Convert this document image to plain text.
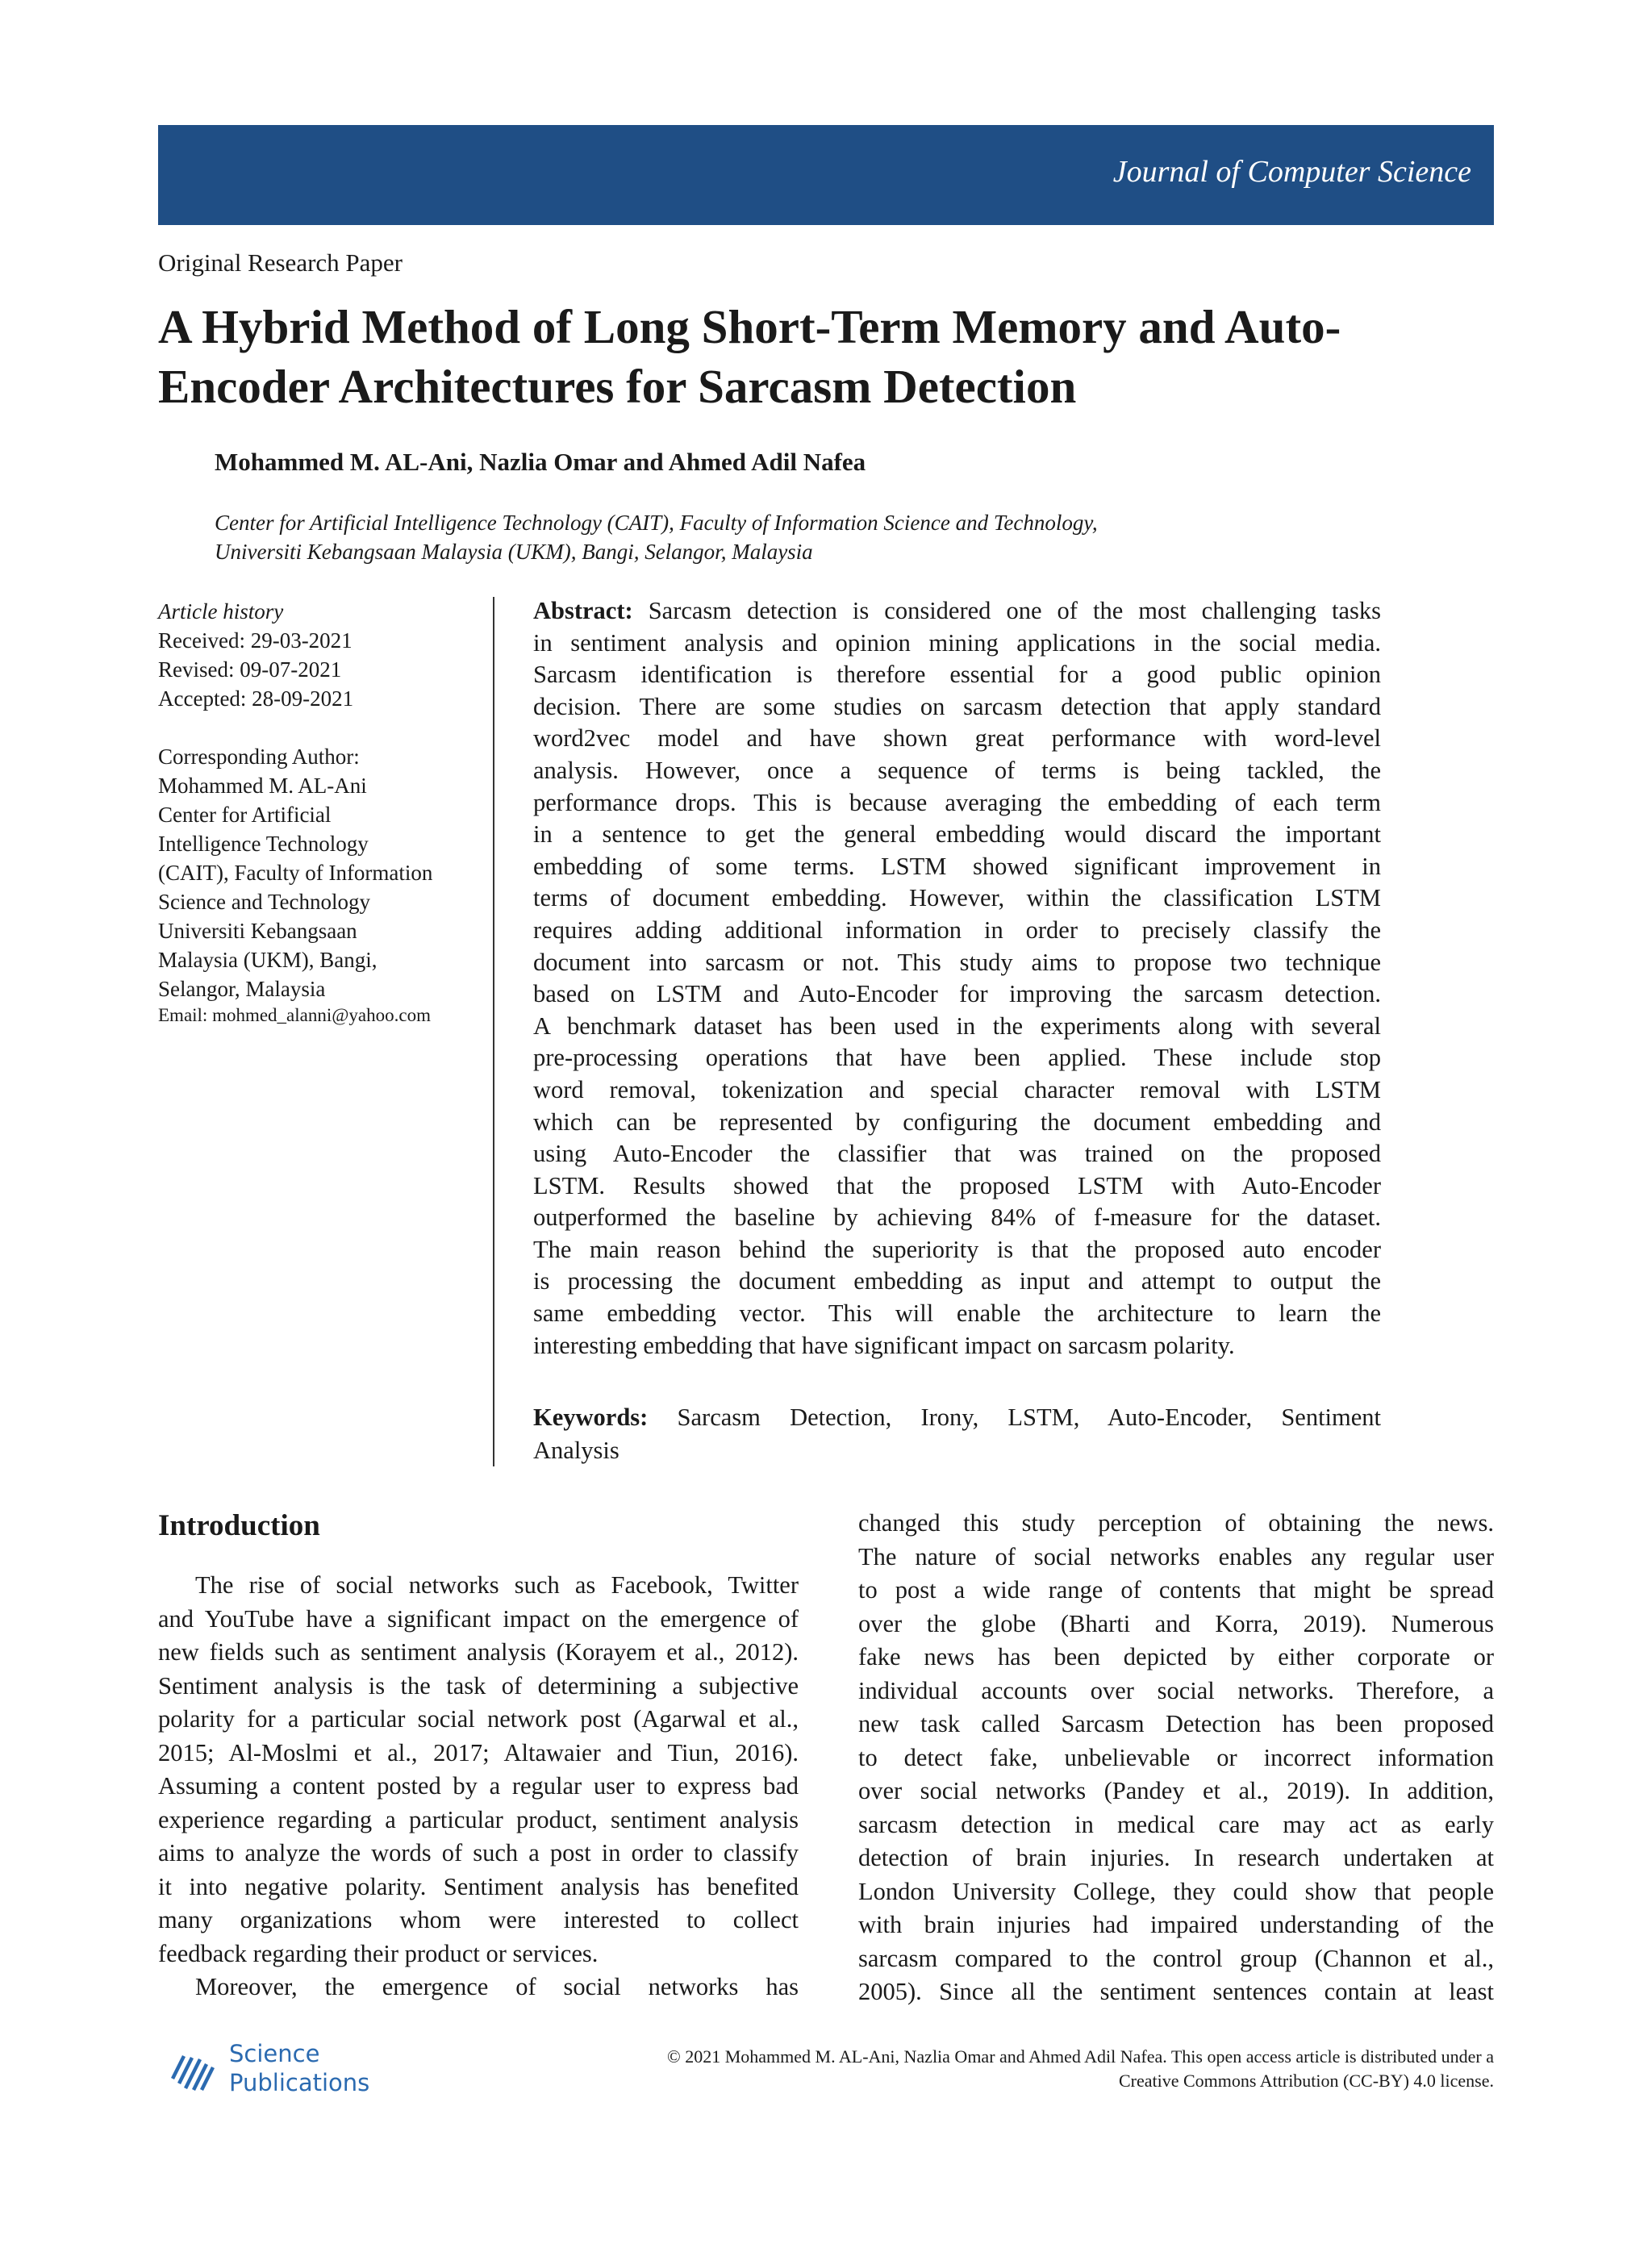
Journal of Computer Science
Original Research Paper
A Hybrid Method of Long Short-Term Memory and Auto-
Encoder Architectures for Sarcasm Detection
Mohammed M. AL-Ani, Nazlia Omar and Ahmed Adil Nafea
Center for Artificial Intelligence Technology (CAIT), Faculty of Information Science and Technology,
Universiti Kebangsaan Malaysia (UKM), Bangi, Selangor, Malaysia
Article history
Received: 29-03-2021
Revised: 09-07-2021
Accepted: 28-09-2021
Corresponding Author:
Mohammed M. AL-Ani
Center for Artificial
Intelligence Technology
(CAIT), Faculty of Information
Science and Technology
Universiti Kebangsaan
Malaysia (UKM), Bangi,
Selangor, Malaysia
Email: mohmed_alanni@yahoo.com
Abstract: Sarcasm detection is considered one of the most challenging tasks
in sentiment analysis and opinion mining applications in the social media.
Sarcasm identification is therefore essential for a good public opinion
decision. There are some studies on sarcasm detection that apply standard
word2vec model and have shown great performance with word-level
analysis. However, once a sequence of terms is being tackled, the
performance drops. This is because averaging the embedding of each term
in a sentence to get the general embedding would discard the important
embedding of some terms. LSTM showed significant improvement in
terms of document embedding. However, within the classification LSTM
requires adding additional information in order to precisely classify the
document into sarcasm or not. This study aims to propose two technique
based on LSTM and Auto-Encoder for improving the sarcasm detection.
A benchmark dataset has been used in the experiments along with several
pre-processing operations that have been applied. These include stop
word removal, tokenization and special character removal with LSTM
which can be represented by configuring the document embedding and
using Auto-Encoder the classifier that was trained on the proposed
LSTM. Results showed that the proposed LSTM with Auto-Encoder
outperformed the baseline by achieving 84% of f-measure for the dataset.
The main reason behind the superiority is that the proposed auto encoder
is processing the document embedding as input and attempt to output the
same embedding vector. This will enable the architecture to learn the
interesting embedding that have significant impact on sarcasm polarity.
Keywords: Sarcasm Detection, Irony, LSTM, Auto-Encoder, Sentiment
Analysis
Introduction
The rise of social networks such as Facebook, Twitter
and YouTube have a significant impact on the emergence of
new fields such as sentiment analysis (Korayem et al., 2012).
Sentiment analysis is the task of determining a subjective
polarity for a particular social network post (Agarwal et al.,
2015; Al-Moslmi et al., 2017; Altawaier and Tiun, 2016).
Assuming a content posted by a regular user to express bad
experience regarding a particular product, sentiment analysis
aims to analyze the words of such a post in order to classify
it into negative polarity. Sentiment analysis has benefited
many organizations whom were interested to collect
feedback regarding their product or services.
Moreover, the emergence of social networks has
changed this study perception of obtaining the news.
The nature of social networks enables any regular user
to post a wide range of contents that might be spread
over the globe (Bharti and Korra, 2019). Numerous
fake news has been depicted by either corporate or
individual accounts over social networks. Therefore, a
new task called Sarcasm Detection has been proposed
to detect fake, unbelievable or incorrect information
over social networks (Pandey et al., 2019). In addition,
sarcasm detection in medical care may act as early
detection of brain injuries. In research undertaken at
London University College, they could show that people
with brain injuries had impaired understanding of the
sarcasm compared to the control group (Channon et al.,
2005). Since all the sentiment sentences contain at least
Science
Publications
© 2021 Mohammed M. AL-Ani, Nazlia Omar and Ahmed Adil Nafea. This open access article is distributed under a
Creative Commons Attribution (CC-BY) 4.0 license.
